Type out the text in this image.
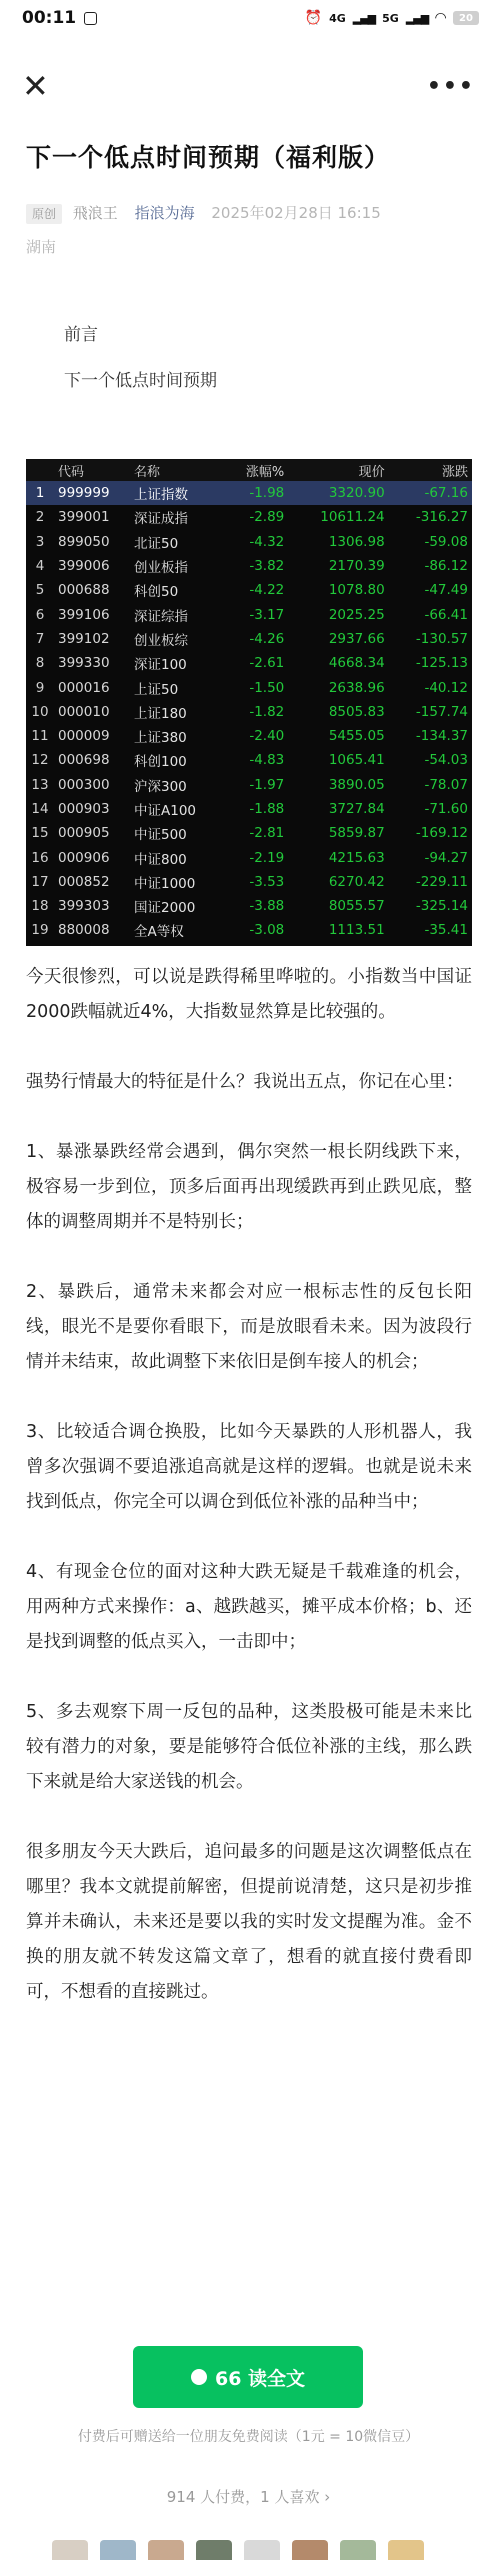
00:11	⏰ 4G ▂▄▆ 5G ▂▄▆ ◠	20
✕	•••
下一个低点时间预期（福利版）
原创 飛浪王 指浪为海 2025年02月28日 16:15
湖南
前言
下一个低点时间预期
	代码	名称	涨幅%	现价	涨跌
1	999999	上证指数	-1.98	3320.90	-67.16
2	399001	深证成指	-2.89	10611.24	-316.27
3	899050	北证50	-4.32	1306.98	-59.08
4	399006	创业板指	-3.82	2170.39	-86.12
5	000688	科创50	-4.22	1078.80	-47.49
6	399106	深证综指	-3.17	2025.25	-66.41
7	399102	创业板综	-4.26	2937.66	-130.57
8	399330	深证100	-2.61	4668.34	-125.13
9	000016	上证50	-1.50	2638.96	-40.12
10	000010	上证180	-1.82	8505.83	-157.74
11	000009	上证380	-2.40	5455.05	-134.37
12	000698	科创100	-4.83	1065.41	-54.03
13	000300	沪深300	-1.97	3890.05	-78.07
14	000903	中证A100	-1.88	3727.84	-71.60
15	000905	中证500	-2.81	5859.87	-169.12
16	000906	中证800	-2.19	4215.63	-94.27
17	000852	中证1000	-3.53	6270.42	-229.11
18	399303	国证2000	-3.88	8055.57	-325.14
19	880008	全A等权	-3.08	1113.51	-35.41

今天很惨烈，可以说是跌得稀里哗啦的。小指数当中国证2000跌幅就近4%，大指数显然算是比较强的。

强势行情最大的特征是什么？我说出五点，你记在心里：

1、暴涨暴跌经常会遇到，偶尔突然一根长阴线跌下来，极容易一步到位，顶多后面再出现缓跌再到止跌见底，整体的调整周期并不是特别长；

2、暴跌后，通常未来都会对应一根标志性的反包长阳线，眼光不是要你看眼下，而是放眼看未来。因为波段行情并未结束，故此调整下来依旧是倒车接人的机会；

3、比较适合调仓换股，比如今天暴跌的人形机器人，我曾多次强调不要追涨追高就是这样的逻辑。也就是说未来找到低点，你完全可以调仓到低位补涨的品种当中；

4、有现金仓位的面对这种大跌无疑是千载难逢的机会，用两种方式来操作：a、越跌越买，摊平成本价格；b、还是找到调整的低点买入，一击即中；

5、多去观察下周一反包的品种，这类股极可能是未来比较有潜力的对象，要是能够符合低位补涨的主线，那么跌下来就是给大家送钱的机会。

很多朋友今天大跌后，追问最多的问题是这次调整低点在哪里？我本文就提前解密，但提前说清楚，这只是初步推算并未确认，未来还是要以我的实时发文提醒为准。金不换的朋友就不转发这篇文章了，想看的就直接付费看即可，不想看的直接跳过。

66 读全文
付费后可赠送给一位朋友免费阅读（1元 = 10微信豆）
914 人付费，1 人喜欢 ›
